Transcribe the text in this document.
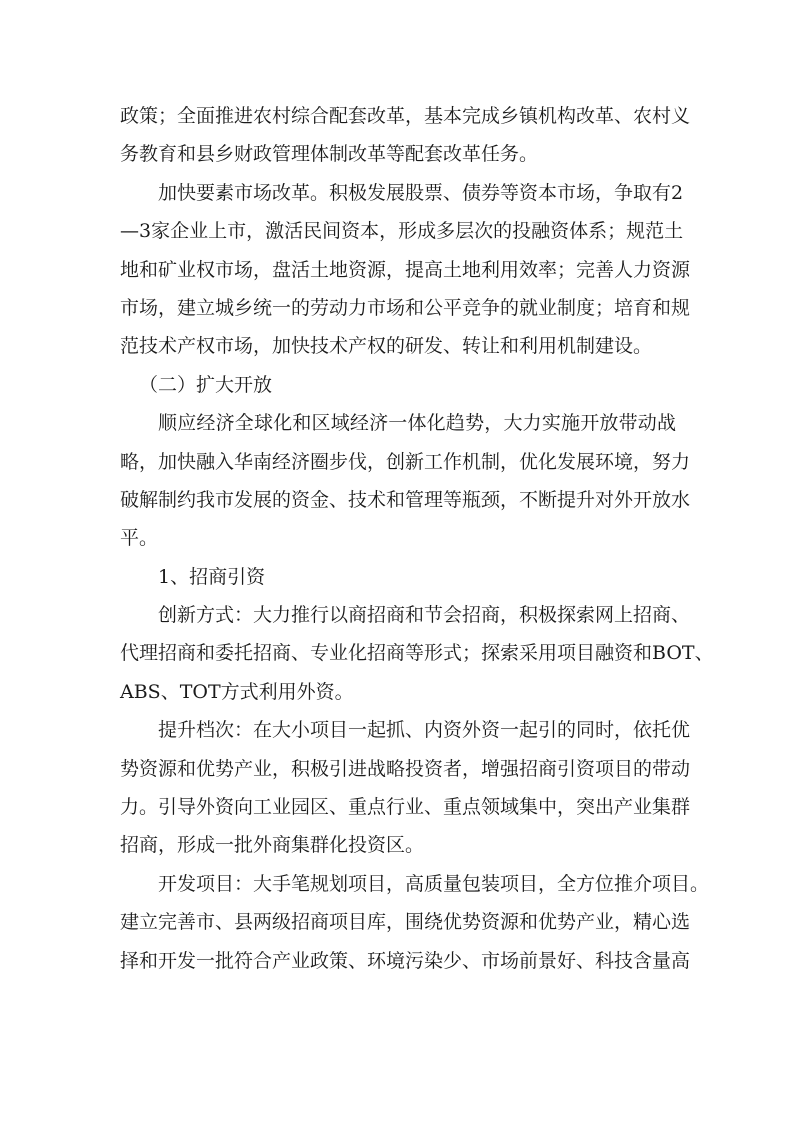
政策；全面推进农村综合配套改革，基本完成乡镇机构改革、农村义
务教育和县乡财政管理体制改革等配套改革任务。
加快要素市场改革。积极发展股票、债券等资本市场，争取有2
—3家企业上市，激活民间资本，形成多层次的投融资体系；规范土
地和矿业权市场，盘活土地资源，提高土地利用效率；完善人力资源
市场，建立城乡统一的劳动力市场和公平竞争的就业制度；培育和规
范技术产权市场，加快技术产权的研发、转让和利用机制建设。
（二）扩大开放
顺应经济全球化和区域经济一体化趋势，大力实施开放带动战
略，加快融入华南经济圈步伐，创新工作机制，优化发展环境，努力
破解制约我市发展的资金、技术和管理等瓶颈，不断提升对外开放水
平。
1、招商引资
创新方式：大力推行以商招商和节会招商，积极探索网上招商、
代理招商和委托招商、专业化招商等形式；探索采用项目融资和BOT、
ABS、TOT方式利用外资。
提升档次：在大小项目一起抓、内资外资一起引的同时，依托优
势资源和优势产业，积极引进战略投资者，增强招商引资项目的带动
力。引导外资向工业园区、重点行业、重点领域集中，突出产业集群
招商，形成一批外商集群化投资区。
开发项目：大手笔规划项目，高质量包装项目，全方位推介项目。
建立完善市、县两级招商项目库，围绕优势资源和优势产业，精心选
择和开发一批符合产业政策、环境污染少、市场前景好、科技含量高
